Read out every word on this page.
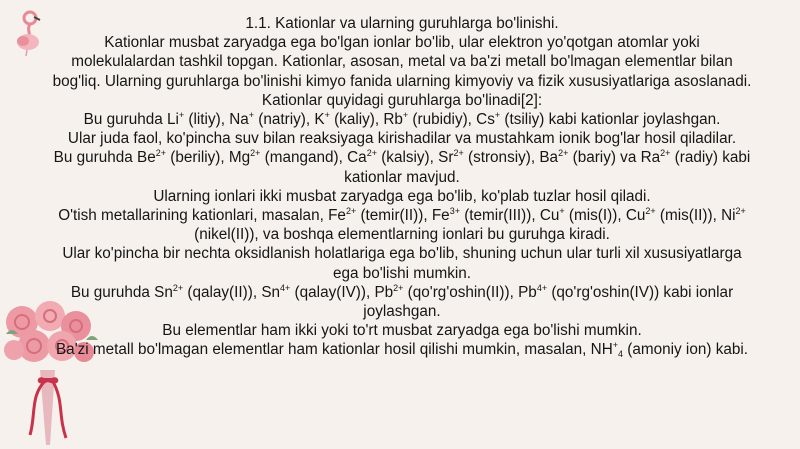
1.1. Kationlar va ularning guruhlarga bo'linishi.

Kationlar musbat zaryadga ega bo'lgan ionlar bo'lib, ular elektron yo'qotgan atomlar yoki molekulalardan tashkil topgan. Kationlar, asosan, metal va ba'zi metall bo'lmagan elementlar bilan bog'liq. Ularning guruhlarga bo'linishi kimyo fanida ularning kimyoviy va fizik xususiyatlariga asoslanadi. Kationlar quyidagi guruhlarga bo'linadi[2]:

Bu guruhda Li+ (litiy), Na+ (natriy), K+ (kaliy), Rb+ (rubidiy), Cs+ (tsiliy) kabi kationlar joylashgan.

Ular juda faol, ko'pincha suv bilan reaksiyaga kirishadilar va mustahkam ionik bog'lar hosil qiladilar.

Bu guruhda $Be^{2+}$ (beriliy), $Mg^{2+}$ (mangand), $Ca^{2+}$ (kalsiy), $Sr^{2+}$ (stronsiy), $Ba^{2+}$ (bariy) va $Ra^{2+}$ (radiy) kabi kationlar mavjud.

Ularning ionlari ikki musbat zaryadga ega bo'lib, ko'plab tuzlar hosil qiladi.

O'tish metallarining kationlari, masalan, $Fe^{2+}$ (temir(II)), $Fe^{3+}$ (temir(III)), Cu+ (mis(I)), $Cu^{2+}$ (mis(II)), $Ni^{2+}$ (nikel(II)), va boshqa elementlarning ionlari bu guruhga kiradi.

Ular ko'pincha bir nechta oksidlanish holatlariga ega bo'lib, shuning uchun ular turli xil xususiyatlarga ega bo'lishi mumkin.

Bu guruhda $Sn^{2+}$ (qalay(II)), $Sn^{4+}$ (qalay(IV)), $Pb^{2+}$ (qo'rg'oshin(II)), $Pb^{4+}$ (qo'rg'oshin(IV)) kabi ionlar joylashgan.

Bu elementlar ham ikki yoki to'rt musbat zaryadga ega bo'lishi mumkin.

Ba'zi metall bo'lmagan elementlar ham kationlar hosil qilishi mumkin, masalan, $NH^+_4$ (amoniy ion) kabi.
